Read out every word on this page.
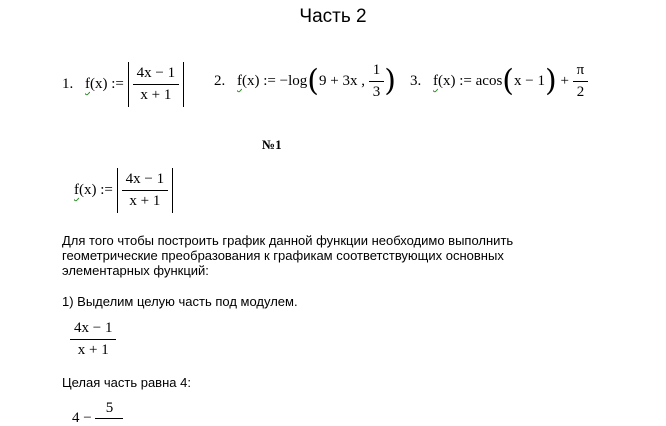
Часть 2
1. f(x) := $\frac{4x - 1}{x + 1} 2$. f(x) := −log(9 + 3x , $\frac{1}{3}$ ) 3. f(x) := $acos(x - 1) + \frac{\pi}{2}$
№1
f(x) := $\frac{4x - 1}{x + 1}$
Для того чтобы построить график данной функции необходимо выполнить
геометрические преобразования к графикам соответствующих основных
элементарных функций:
1) Выделим целую часть под модулем.
$\frac{4x - 1}{x + 1}$
Целая часть равна 4:
4 − 5
